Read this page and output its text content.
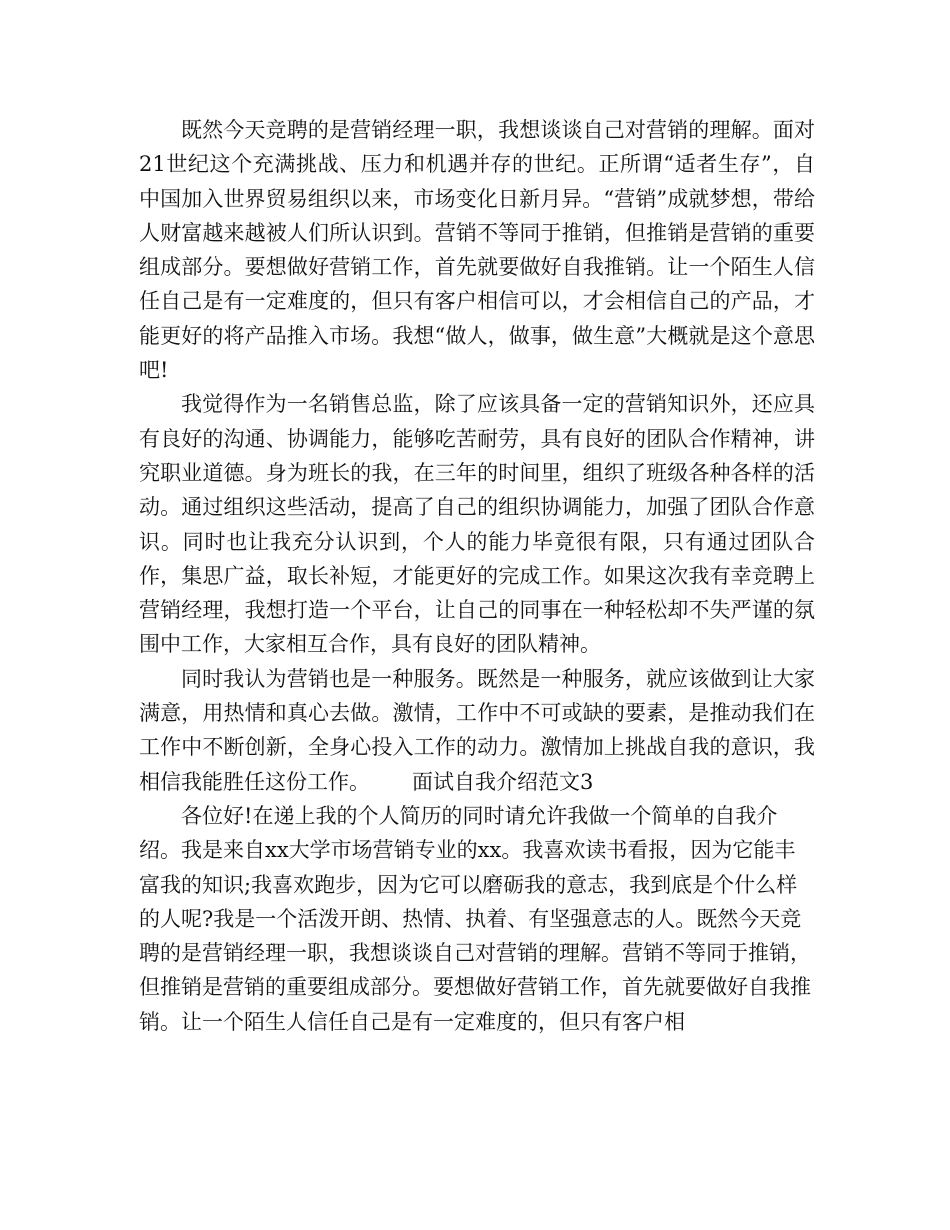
既然今天竞聘的是营销经理一职，我想谈谈自己对营销的理解。面对21世纪这个充满挑战、压力和机遇并存的世纪。正所谓“适者生存”，自中国加入世界贸易组织以来，市场变化日新月异。“营销”成就梦想，带给人财富越来越被人们所认识到。营销不等同于推销，但推销是营销的重要组成部分。要想做好营销工作，首先就要做好自我推销。让一个陌生人信任自己是有一定难度的，但只有客户相信可以，才会相信自己的产品，才能更好的将产品推入市场。我想“做人，做事，做生意”大概就是这个意思吧!

我觉得作为一名销售总监，除了应该具备一定的营销知识外，还应具有良好的沟通、协调能力，能够吃苦耐劳，具有良好的团队合作精神，讲究职业道德。身为班长的我，在三年的时间里，组织了班级各种各样的活动。通过组织这些活动，提高了自己的组织协调能力，加强了团队合作意识。同时也让我充分认识到，个人的能力毕竟很有限，只有通过团队合作，集思广益，取长补短，才能更好的完成工作。如果这次我有幸竞聘上营销经理，我想打造一个平台，让自己的同事在一种轻松却不失严谨的氛围中工作，大家相互合作，具有良好的团队精神。

同时我认为营销也是一种服务。既然是一种服务，就应该做到让大家满意，用热情和真心去做。激情，工作中不可或缺的要素，是推动我们在工作中不断创新，全身心投入工作的动力。激情加上挑战自我的意识，我相信我能胜任这份工作。 面试自我介绍范文3

各位好!在递上我的个人简历的同时请允许我做一个简单的自我介绍。我是来自xx大学市场营销专业的xx。我喜欢读书看报，因为它能丰富我的知识;我喜欢跑步，因为它可以磨砺我的意志，我到底是个什么样的人呢?我是一个活泼开朗、热情、执着、有坚强意志的人。既然今天竞聘的是营销经理一职，我想谈谈自己对营销的理解。营销不等同于推销，但推销是营销的重要组成部分。要想做好营销工作，首先就要做好自我推销。让一个陌生人信任自己是有一定难度的，但只有客户相
